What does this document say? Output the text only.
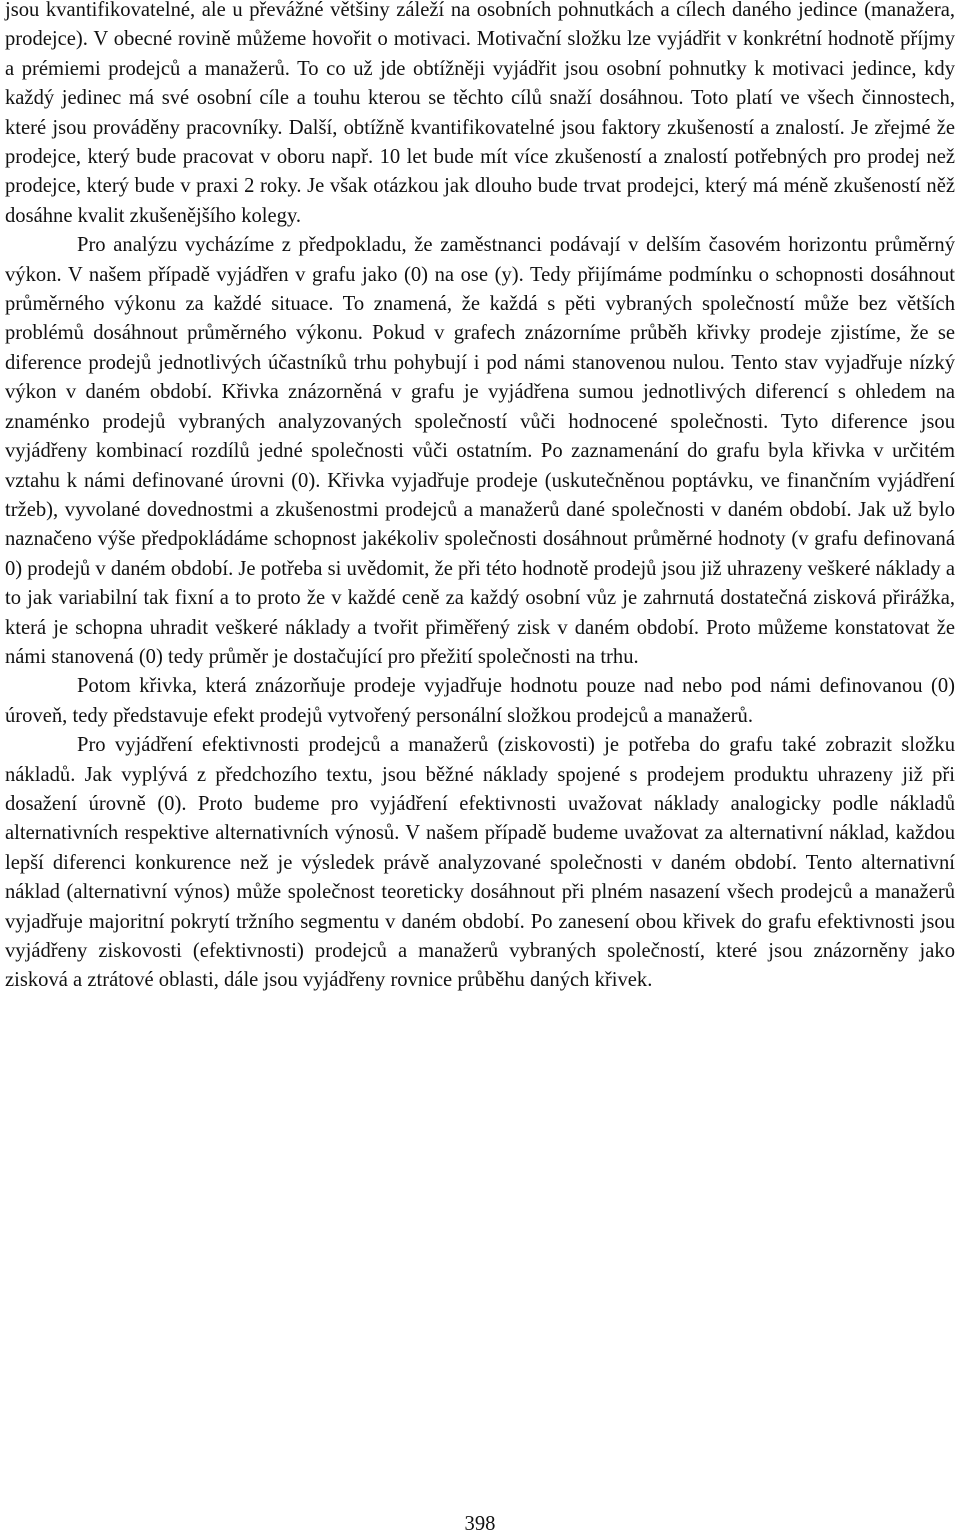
jsou kvantifikovatelné, ale u převážné většiny záleží na osobních pohnutkách a cílech daného jedince (manažera, prodejce). V obecné rovině můžeme hovořit o motivaci. Motivační složku lze vyjádřit v konkrétní hodnotě příjmy a prémiemi prodejců a manažerů. To co už jde obtížněji vyjádřit jsou osobní pohnutky k motivaci jedince, kdy každý jedinec má své osobní cíle a touhu kterou se těchto cílů snaží dosáhnou. Toto platí ve všech činnostech, které jsou prováděny pracovníky. Další, obtížně kvantifikovatelné jsou faktory zkušeností a znalostí. Je zřejmé že prodejce, který bude pracovat v oboru např. 10 let bude mít více zkušeností a znalostí potřebných pro prodej než prodejce, který bude v praxi 2 roky. Je však otázkou jak dlouho bude trvat prodejci, který má méně zkušeností něž dosáhne kvalit zkušenějšího kolegy.

Pro analýzu vycházíme z předpokladu, že zaměstnanci podávají v delším časovém horizontu průměrný výkon. V našem případě vyjádřen v grafu jako (0) na ose (y). Tedy přijímáme podmínku o schopnosti dosáhnout průměrného výkonu za každé situace. To znamená, že každá s pěti vybraných společností může bez větších problémů dosáhnout průměrného výkonu. Pokud v grafech znázorníme průběh křivky prodeje zjistíme, že se diference prodejů jednotlivých účastníků trhu pohybují i pod námi stanovenou nulou. Tento stav vyjadřuje nízký výkon v daném období. Křivka znázorněná v grafu je vyjádřena sumou jednotlivých diferencí s ohledem na znaménko prodejů vybraných analyzovaných společností vůči hodnocené společnosti. Tyto diference jsou vyjádřeny kombinací rozdílů jedné společnosti vůči ostatním. Po zaznamenání do grafu byla křivka v určitém vztahu k námi definované úrovni (0). Křivka vyjadřuje prodeje (uskutečněnou poptávku, ve finančním vyjádření tržeb), vyvolané dovednostmi a zkušenostmi prodejců a manažerů dané společnosti v daném období. Jak už bylo naznačeno výše předpokládáme schopnost jakékoliv společnosti dosáhnout průměrné hodnoty (v grafu definovaná 0) prodejů v daném období. Je potřeba si uvědomit, že při této hodnotě prodejů jsou již uhrazeny veškeré náklady a to jak variabilní tak fixní a to proto že v každé ceně za každý osobní vůz je zahrnutá dostatečná zisková přirážka, která je schopna uhradit veškeré náklady a tvořit přiměřený zisk v daném období. Proto můžeme konstatovat že námi stanovená (0) tedy průměr je dostačující pro přežití společnosti na trhu.

Potom křivka, která znázorňuje prodeje vyjadřuje hodnotu pouze nad nebo pod námi definovanou (0) úroveň, tedy představuje efekt prodejů vytvořený personální složkou prodejců a manažerů.

Pro vyjádření efektivnosti prodejců a manažerů (ziskovosti) je potřeba do grafu také zobrazit složku nákladů. Jak vyplývá z předchozího textu, jsou běžné náklady spojené s prodejem produktu uhrazeny již při dosažení úrovně (0). Proto budeme pro vyjádření efektivnosti uvažovat náklady analogicky podle nákladů alternativních respektive alternativních výnosů. V našem případě budeme uvažovat za alternativní náklad, každou lepší diferenci konkurence než je výsledek právě analyzované společnosti v daném období. Tento alternativní náklad (alternativní výnos) může společnost teoreticky dosáhnout při plném nasazení všech prodejců a manažerů vyjadřuje majoritní pokrytí tržního segmentu v daném období. Po zanesení obou křivek do grafu efektivnosti jsou vyjádřeny ziskovosti (efektivnosti) prodejců a manažerů vybraných společností, které jsou znázorněny jako zisková a ztrátové oblasti, dále jsou vyjádřeny rovnice průběhu daných křivek.

398
